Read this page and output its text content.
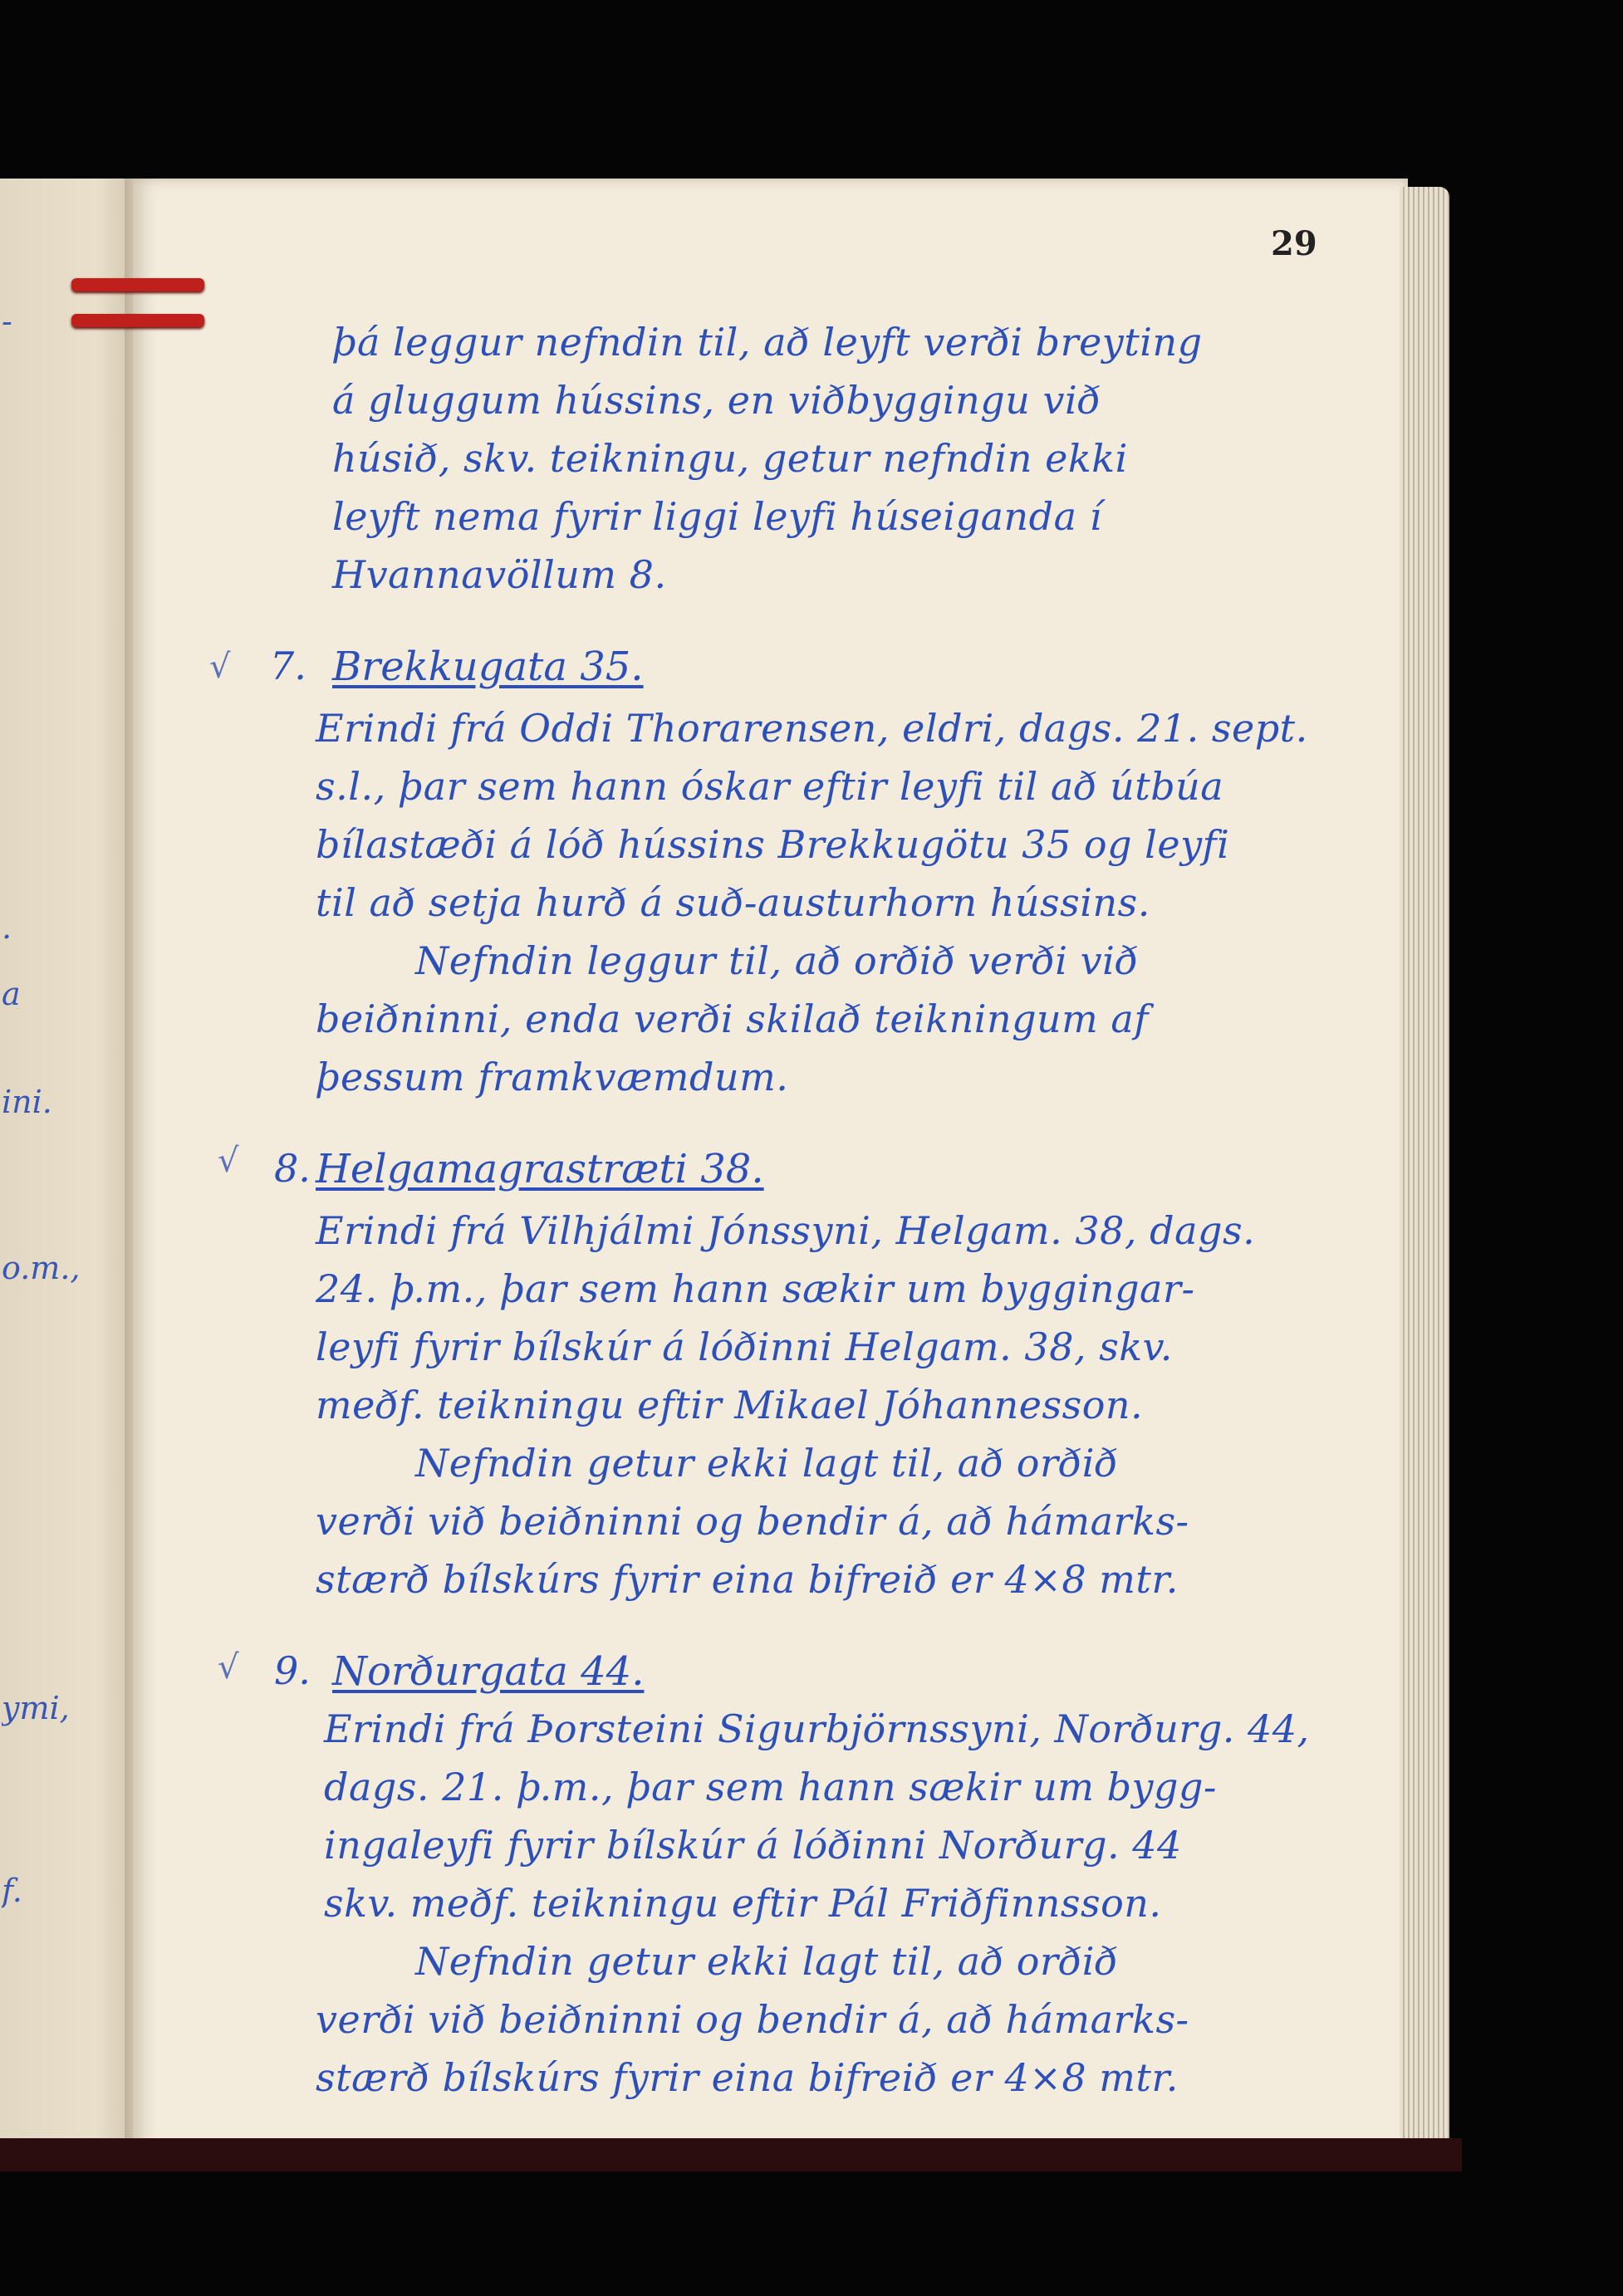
-
.
a
ini.
o.m.,
ymi,
f.
29
þá leggur nefndin til, að leyft verði breyting
á gluggum hússins, en viðbyggingu við
húsið, skv. teikningu, getur nefndin ekki
leyft nema fyrir liggi leyfi húseiganda í
Hvannavöllum 8.
√ 7. Brekkugata 35.
Erindi frá Oddi Thorarensen, eldri, dags. 21. sept.
s.l., þar sem hann óskar eftir leyfi til að útbúa
bílastæði á lóð hússins Brekkugötu 35 og leyfi
til að setja hurð á suð-austurhorn hússins.
Nefndin leggur til, að orðið verði við
beiðninni, enda verði skilað teikningum af
þessum framkvæmdum.
√ 8. Helgamagrastræti 38.
Erindi frá Vilhjálmi Jónssyni, Helgam. 38, dags.
24. þ.m., þar sem hann sækir um byggingar-
leyfi fyrir bílskúr á lóðinni Helgam. 38, skv.
meðf. teikningu eftir Mikael Jóhannesson.
Nefndin getur ekki lagt til, að orðið
verði við beiðninni og bendir á, að hámarks-
stærð bílskúrs fyrir eina bifreið er 4×8 mtr.
√ 9. Norðurgata 44.
Erindi frá Þorsteini Sigurbjörnssyni, Norðurg. 44,
dags. 21. þ.m., þar sem hann sækir um bygg-
ingaleyfi fyrir bílskúr á lóðinni Norðurg. 44
skv. meðf. teikningu eftir Pál Friðfinnsson.
Nefndin getur ekki lagt til, að orðið
verði við beiðninni og bendir á, að hámarks-
stærð bílskúrs fyrir eina bifreið er 4×8 mtr.
